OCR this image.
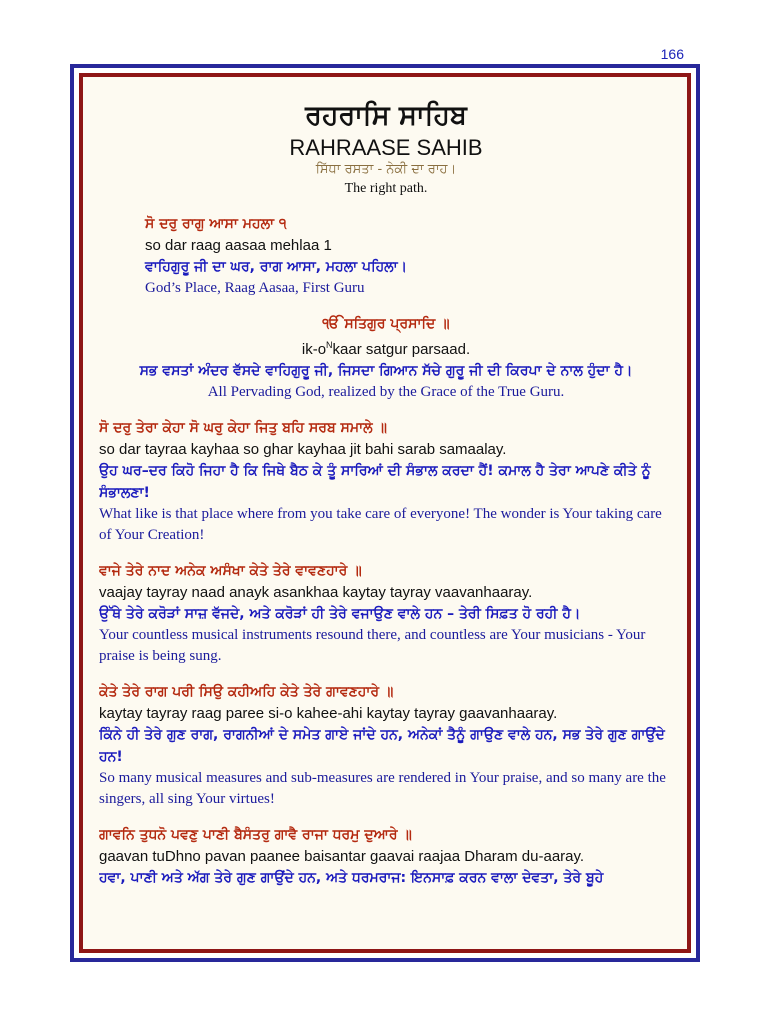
166
ਰਹਰਾਸਿ ਸਾਹਿਬ
RAHRAASE SAHIB
ਸਿੱਧਾ ਰਸਤਾ - ਨੇਕੀ ਦਾ ਰਾਹ।
The right path.
ਸੋ ਦਰੁ ਰਾਗੁ ਆਸਾ ਮਹਲਾ ੧
so dar raag aasaa mehlaa 1
ਵਾਹਿਗੁਰੂ ਜੀ ਦਾ ਘਰ, ਰਾਗ ਆਸਾ, ਮਹਲਾ ਪਹਿਲਾ।
God’s Place, Raag Aasaa, First Guru
ੴ ਸਤਿਗੁਰ ਪ੍ਰਸਾਦਿ ॥
$ik-o^Nkaar$ satgur parsaad.
ਸਭ ਵਸਤਾਂ ਅੰਦਰ ਵੱਸਦੇ ਵਾਹਿਗੁਰੂ ਜੀ, ਜਿਸਦਾ ਗਿਆਨ ਸੱਚੇ ਗੁਰੂ ਜੀ ਦੀ ਕਿਰਪਾ ਦੇ ਨਾਲ ਹੁੰਦਾ ਹੈ।
All Pervading God, realized by the Grace of the True Guru.
ਸੋ ਦਰੁ ਤੇਰਾ ਕੇਹਾ ਸੋ ਘਰੁ ਕੇਹਾ ਜਿਤੁ ਬਹਿ ਸਰਬ ਸਮਾਲੇ ॥
so dar tayraa kayhaa so ghar kayhaa jit bahi sarab samaalay.
ਉਹ ਘਰ–ਦਰ ਕਿਹੋ ਜਿਹਾ ਹੈ ਕਿ ਜਿਥੇ ਬੈਠ ਕੇ ਤੂੰ ਸਾਰਿਆਂ ਦੀ ਸੰਭਾਲ ਕਰਦਾ ਹੈਂ! ਕਮਾਲ ਹੈ ਤੇਰਾ ਆਪਣੇ ਕੀਤੇ ਨੂੰ ਸੰਭਾਲਣਾ!
What like is that place where from you take care of everyone! The wonder is Your taking care of Your Creation!
ਵਾਜੇ ਤੇਰੇ ਨਾਦ ਅਨੇਕ ਅਸੰਖਾ ਕੇਤੇ ਤੇਰੇ ਵਾਵਣਹਾਰੇ ॥
vaajay tayray naad anayk asankhaa kaytay tayray vaavanhaaray.
ਉੱਥੇ ਤੇਰੇ ਕਰੋੜਾਂ ਸਾਜ਼ ਵੱਜਦੇ, ਅਤੇ ਕਰੋੜਾਂ ਹੀ ਤੇਰੇ ਵਜਾਉਣ ਵਾਲੇ ਹਨ – ਤੇਰੀ ਸਿਫ਼ਤ ਹੋ ਰਹੀ ਹੈ।
Your countless musical instruments resound there, and countless are Your musicians - Your praise is being sung.
ਕੇਤੇ ਤੇਰੇ ਰਾਗ ਪਰੀ ਸਿਉ ਕਹੀਅਹਿ ਕੇਤੇ ਤੇਰੇ ਗਾਵਣਹਾਰੇ ॥
kaytay tayray raag paree si-o kahee-ahi kaytay tayray gaavanhaaray.
ਕਿੰਨੇ ਹੀ ਤੇਰੇ ਗੁਣ ਰਾਗ, ਰਾਗਨੀਆਂ ਦੇ ਸਮੇਤ ਗਾਏ ਜਾਂਦੇ ਹਨ, ਅਨੇਕਾਂ ਤੈਨੂੰ ਗਾਉਣ ਵਾਲੇ ਹਨ, ਸਭ ਤੇਰੇ ਗੁਣ ਗਾਉਂਦੇ ਹਨ!
So many musical measures and sub-measures are rendered in Your praise, and so many are the singers, all sing Your virtues!
ਗਾਵਨਿ ਤੁਧਨੋ ਪਵਣੁ ਪਾਣੀ ਬੈਸੰਤਰੁ ਗਾਵੈ ਰਾਜਾ ਧਰਮੁ ਦੁਆਰੇ ॥
gaavan tuDhno pavan paanee baisantar gaavai raajaa Dharam du-aaray.
ਹਵਾ, ਪਾਣੀ ਅਤੇ ਅੱਗ ਤੇਰੇ ਗੁਣ ਗਾਉਂਦੇ ਹਨ, ਅਤੇ ਧਰਮਰਾਜ: ਇਨਸਾਫ਼ ਕਰਨ ਵਾਲਾ ਦੇਵਤਾ, ਤੇਰੇ ਬੂਹੇ
